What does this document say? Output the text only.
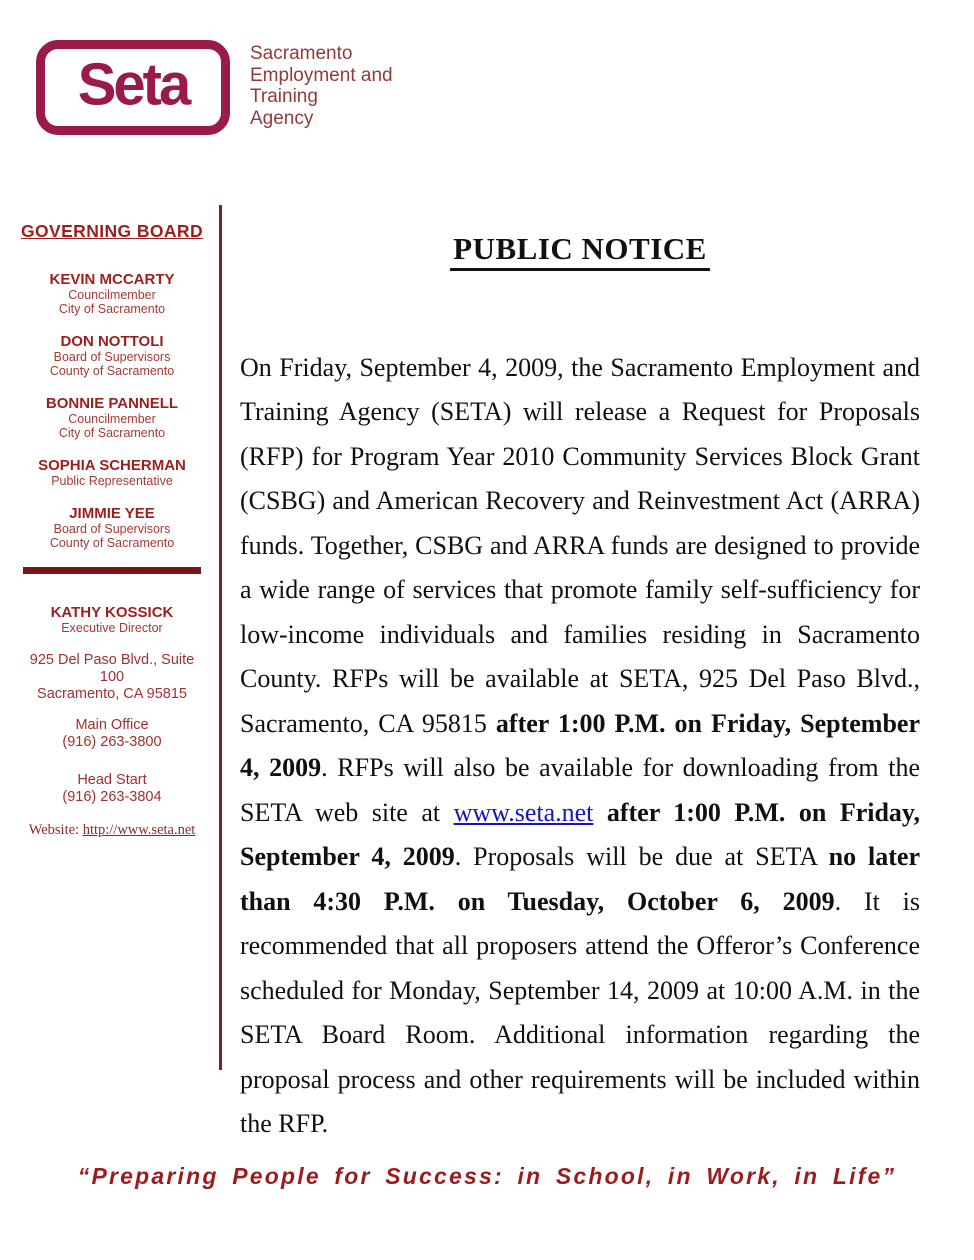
Seta	Sacramento
Employment and
Training
Agency
GOVERNING BOARD
KEVIN MCCARTY
Councilmember
City of Sacramento
DON NOTTOLI
Board of Supervisors
County of Sacramento
BONNIE PANNELL
Councilmember
City of Sacramento
SOPHIA SCHERMAN
Public Representative
JIMMIE YEE
Board of Supervisors
County of Sacramento
KATHY KOSSICK
Executive Director
925 Del Paso Blvd., Suite 100
Sacramento, CA 95815
Main Office
(916) 263-3800
Head Start
(916) 263-3804
Website: http://www.seta.net
PUBLIC NOTICE

On Friday, September 4, 2009, the Sacramento Employment and Training Agency (SETA) will release a Request for Proposals (RFP) for Program Year 2010 Community Services Block Grant (CSBG) and American Recovery and Reinvestment Act (ARRA) funds. Together, CSBG and ARRA funds are designed to provide a wide range of services that promote family self-sufficiency for low-income individuals and families residing in Sacramento County. RFPs will be available at SETA, 925 Del Paso Blvd., Sacramento, CA 95815 after 1:00 P.M. on Friday, September 4, 2009. RFPs will also be available for downloading from the SETA web site at www.seta.net after 1:00 P.M. on Friday, September 4, 2009. Proposals will be due at SETA no later than 4:30 P.M. on Tuesday, October 6, 2009. It is recommended that all proposers attend the Offeror’s Conference scheduled for Monday, September 14, 2009 at 10:00 A.M. in the SETA Board Room. Additional information regarding the proposal process and other requirements will be included within the RFP.

“Preparing People for Success: in School, in Work, in Life”
